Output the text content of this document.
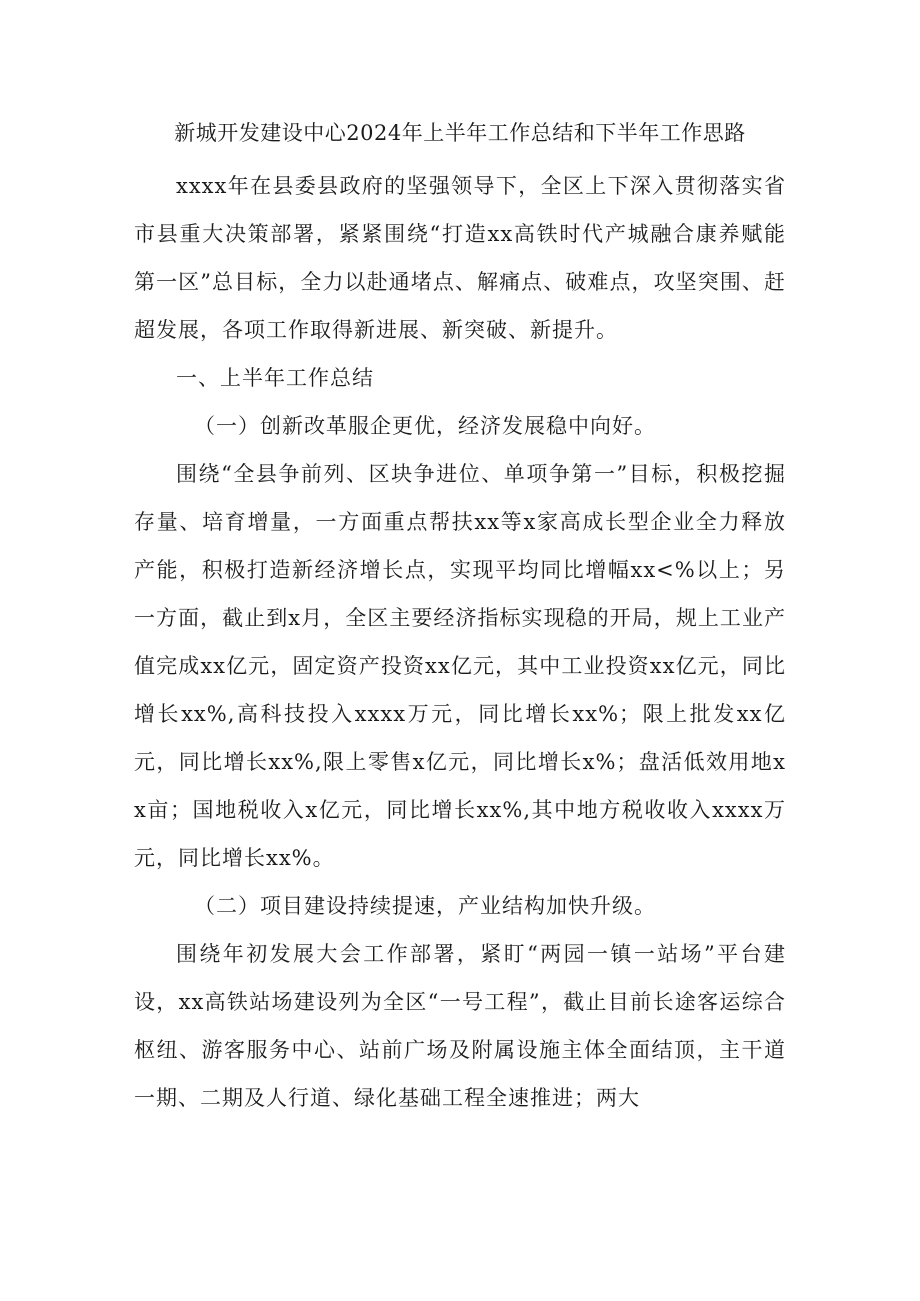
新城开发建设中心2024年上半年工作总结和下半年工作思路

xxxx年在县委县政府的坚强领导下，全区上下深入贯彻落实省市县重大决策部署，紧紧围绕“打造xx高铁时代产城融合康养赋能第一区”总目标，全力以赴通堵点、解痛点、破难点，攻坚突围、赶超发展，各项工作取得新进展、新突破、新提升。

一、上半年工作总结

（一）创新改革服企更优，经济发展稳中向好。

围绕“全县争前列、区块争进位、单项争第一”目标，积极挖掘存量、培育增量，一方面重点帮扶xx等x家高成长型企业全力释放产能，积极打造新经济增长点，实现平均同比增幅xx<%以上；另一方面，截止到x月，全区主要经济指标实现稳的开局，规上工业产值完成xx亿元，固定资产投资xx亿元，其中工业投资xx亿元，同比增长xx%,高科技投入xxxx万元，同比增长xx%；限上批发xx亿元，同比增长xx%,限上零售x亿元，同比增长x%；盘活低效用地xx亩；国地税收入x亿元，同比增长xx%,其中地方税收收入xxxx万元，同比增长xx%。

（二）项目建设持续提速，产业结构加快升级。

围绕年初发展大会工作部署，紧盯“两园一镇一站场”平台建设，xx高铁站场建设列为全区“一号工程”，截止目前长途客运综合枢纽、游客服务中心、站前广场及附属设施主体全面结顶，主干道一期、二期及人行道、绿化基础工程全速推进；两大
